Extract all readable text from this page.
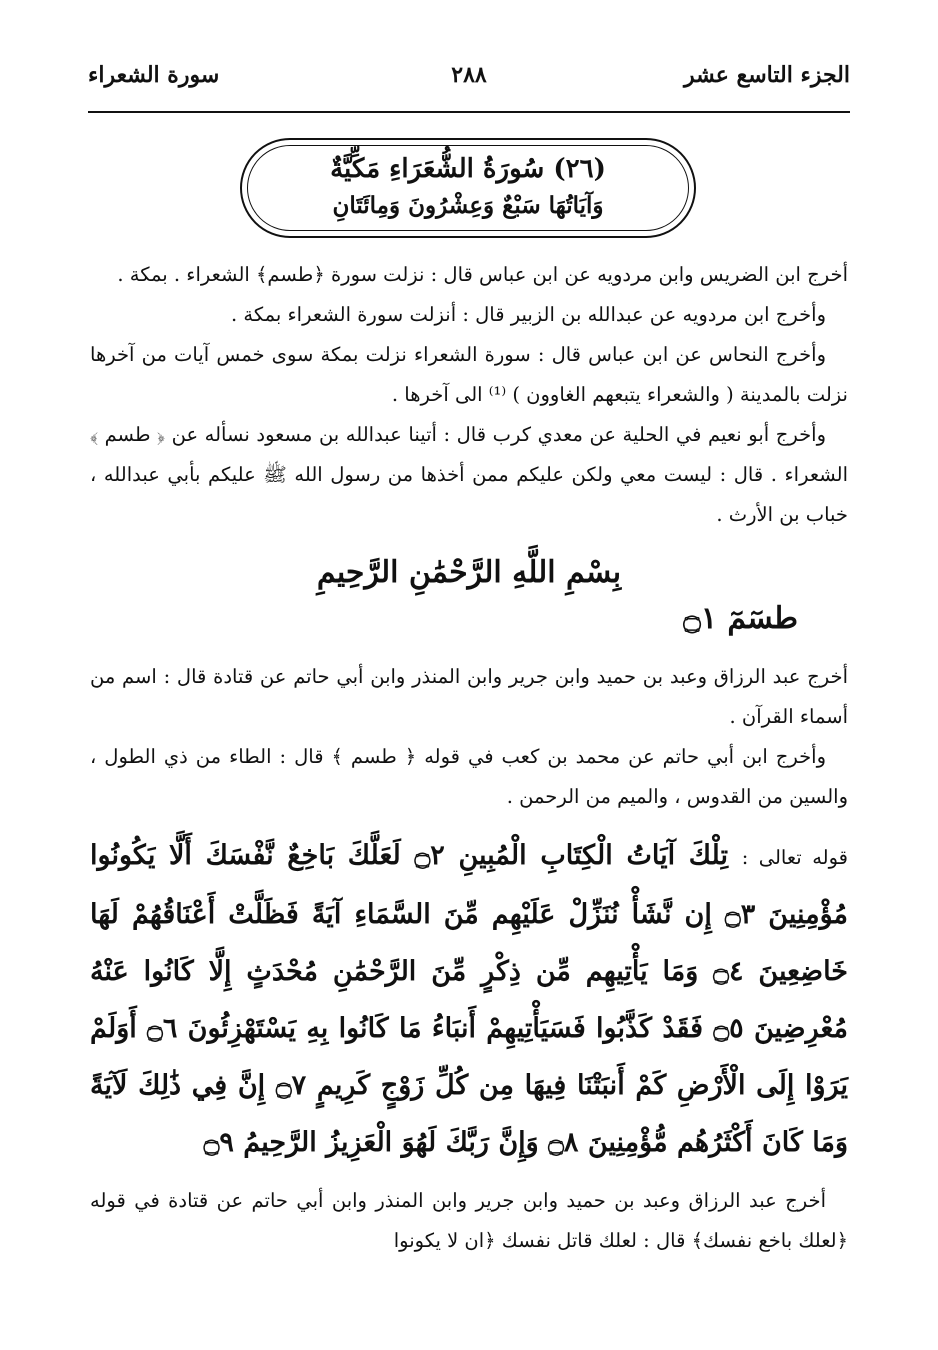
الجزء التاسع عشر
٢٨٨
سورة الشعراء
(٢٦) سُورَةُ الشُّعَرَاءِ مَكِّيَّةٌ
وَآيَاتُهَا سَبْعٌ وَعِشْرُونَ وَمِائَتَانِ

أخرج ابن الضريس وابن مردويه عن ابن عباس قال : نزلت سورة ﴿طسم﴾ الشعراء . بمكة .

وأخرج ابن مردويه عن عبدالله بن الزبير قال : أنزلت سورة الشعراء بمكة .

وأخرج النحاس عن ابن عباس قال : سورة الشعراء نزلت بمكة سوى خمس آيات من آخرها نزلت بالمدينة ( والشعراء يتبعهم الغاوون ) ⁽¹⁾ الى آخرها .

وأخرج أبو نعيم في الحلية عن معدي كرب قال : أتينا عبدالله بن مسعود نسأله عن ﴿ طسم ﴾ الشعراء . قال : ليست معي ولكن عليكم ممن أخذها من رسول الله ﷺ عليكم بأبي عبدالله ، خباب بن الأرث .

بِسْمِ اللَّهِ الرَّحْمَٰنِ الرَّحِيمِ
طسٓمٓ ۝١

أخرج عبد الرزاق وعبد بن حميد وابن جرير وابن المنذر وابن أبي حاتم عن قتادة قال : اسم من أسماء القرآن .

وأخرج ابن أبي حاتم عن محمد بن كعب في قوله ﴿ طسم ﴾ قال : الطاء من ذي الطول ، والسين من القدوس ، والميم من الرحمن .

قوله تعالى : تِلْكَ آيَاتُ الْكِتَابِ الْمُبِينِ ۝٢ لَعَلَّكَ بَاخِعٌ نَّفْسَكَ أَلَّا يَكُونُوا مُؤْمِنِينَ ۝٣ إِن نَّشَأْ نُنَزِّلْ عَلَيْهِم مِّنَ السَّمَاءِ آيَةً فَظَلَّتْ أَعْنَاقُهُمْ لَهَا خَاضِعِينَ ۝٤ وَمَا يَأْتِيهِم مِّن ذِكْرٍ مِّنَ الرَّحْمَٰنِ مُحْدَثٍ إِلَّا كَانُوا عَنْهُ مُعْرِضِينَ ۝٥ فَقَدْ كَذَّبُوا فَسَيَأْتِيهِمْ أَنبَاءُ مَا كَانُوا بِهِ يَسْتَهْزِئُونَ ۝٦ أَوَلَمْ يَرَوْا إِلَى الْأَرْضِ كَمْ أَنبَتْنَا فِيهَا مِن كُلِّ زَوْجٍ كَرِيمٍ ۝٧ إِنَّ فِي ذَٰلِكَ لَآيَةً وَمَا كَانَ أَكْثَرُهُم مُّؤْمِنِينَ ۝٨ وَإِنَّ رَبَّكَ لَهُوَ الْعَزِيزُ الرَّحِيمُ ۝٩

أخرج عبد الرزاق وعبد بن حميد وابن جرير وابن المنذر وابن أبي حاتم عن قتادة في قوله ﴿لعلك باخع نفسك﴾ قال : لعلك قاتل نفسك ﴿ان لا يكونوا
